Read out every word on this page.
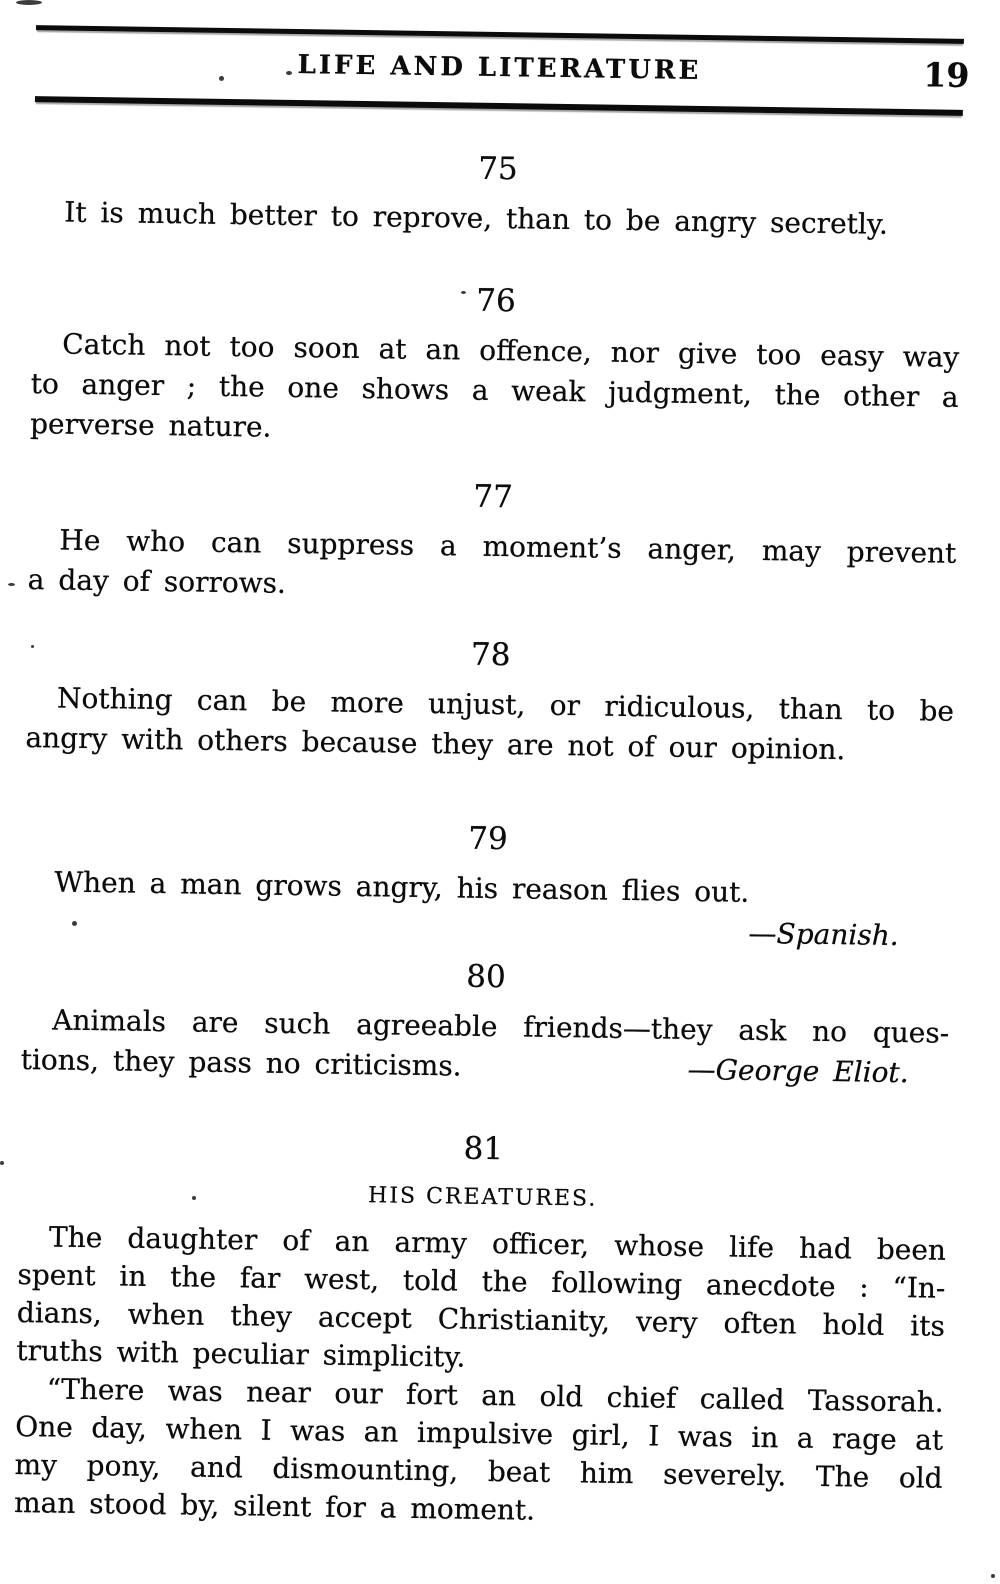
LIFE AND LITERATURE	19
75
It is much better to reprove, than to be angry secretly.
76
Catch not too soon at an offence, nor give too easy way
to anger ; the one shows a weak judgment, the other a
perverse nature.
77
He who can suppress a moment’s anger, may prevent
a day of sorrows.
78
Nothing can be more unjust, or ridiculous, than to be
angry with others because they are not of our opinion.
79
When a man grows angry, his reason flies out.
—Spanish.
80
Animals are such agreeable friends—they ask no ques-
tions, they pass no criticisms.	—George Eliot.
81
HIS CREATURES.
The daughter of an army officer, whose life had been
spent in the far west, told the following anecdote : “In-
dians, when they accept Christianity, very often hold its
truths with peculiar simplicity.
“There was near our fort an old chief called Tassorah.
One day, when I was an impulsive girl, I was in a rage at
my pony, and dismounting, beat him severely. The old
man stood by, silent for a moment.
